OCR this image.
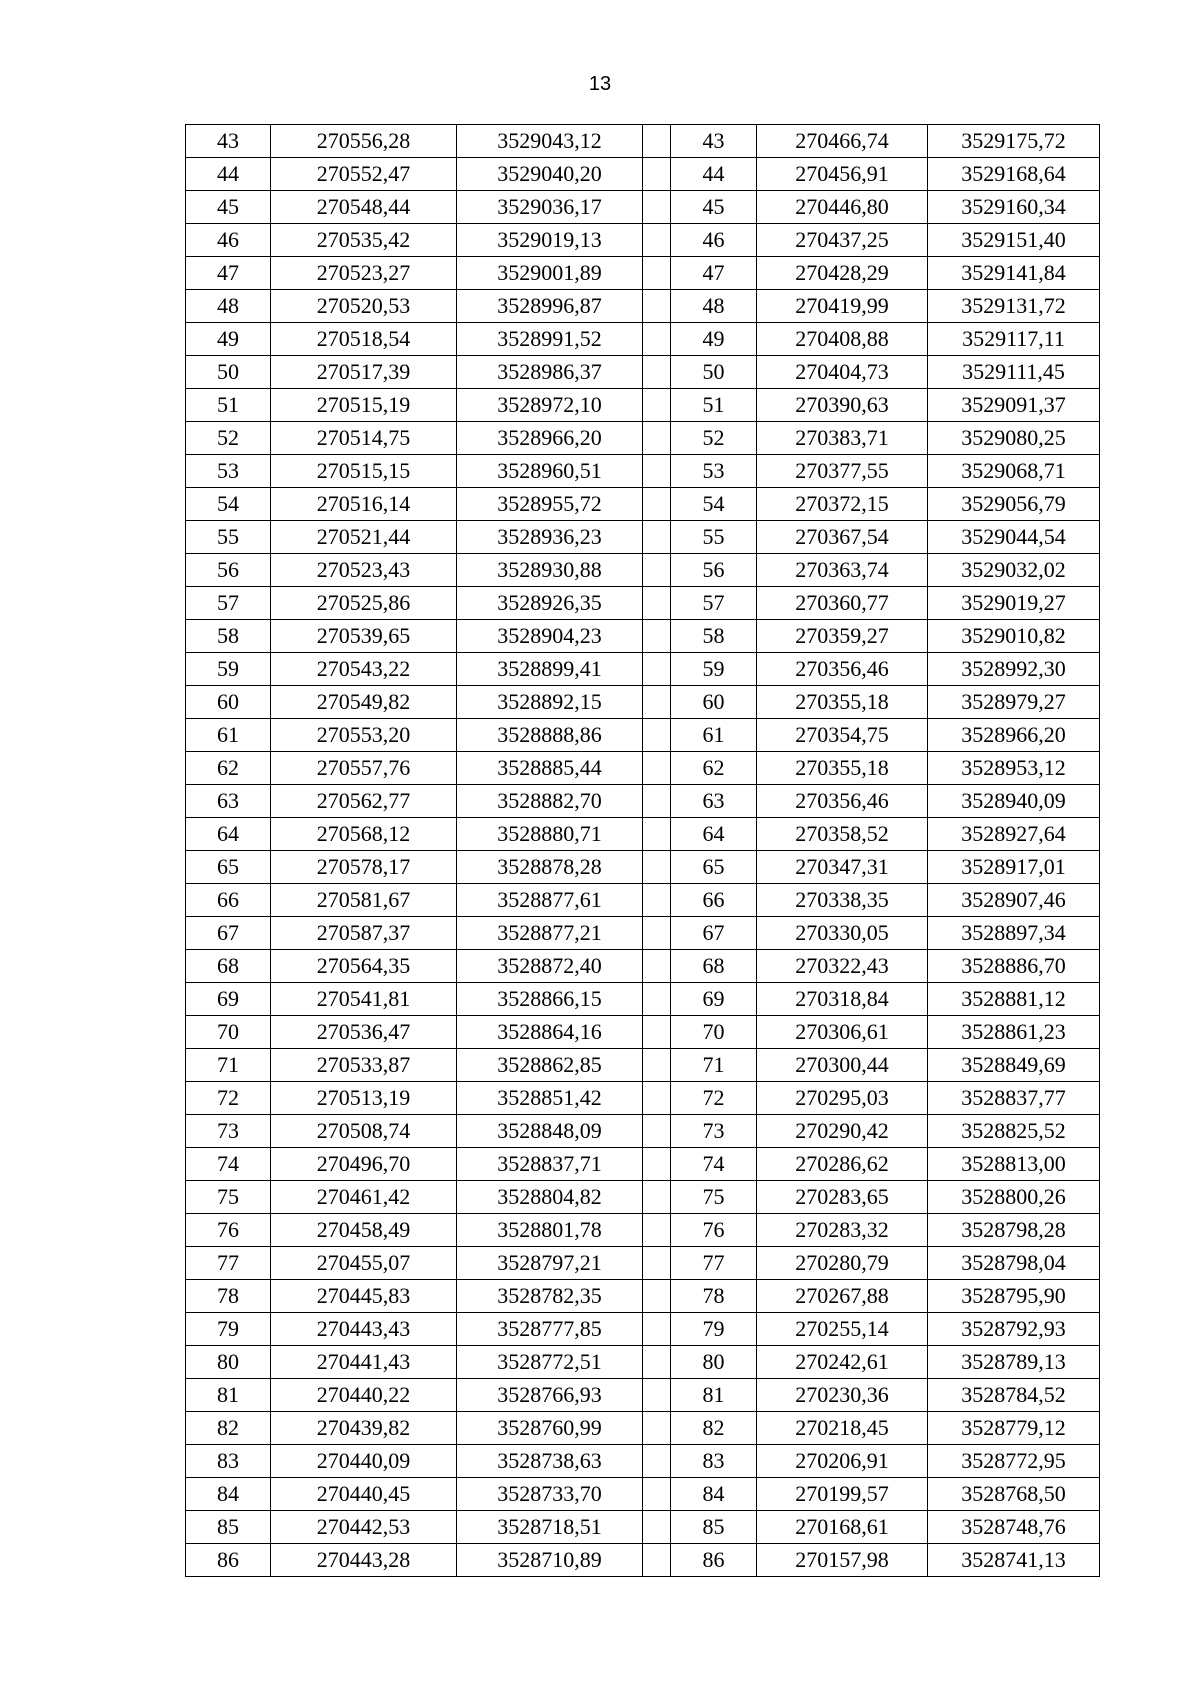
13
43	270556,28	3529043,12		43	270466,74	3529175,72
44	270552,47	3529040,20		44	270456,91	3529168,64
45	270548,44	3529036,17		45	270446,80	3529160,34
46	270535,42	3529019,13		46	270437,25	3529151,40
47	270523,27	3529001,89		47	270428,29	3529141,84
48	270520,53	3528996,87		48	270419,99	3529131,72
49	270518,54	3528991,52		49	270408,88	3529117,11
50	270517,39	3528986,37		50	270404,73	3529111,45
51	270515,19	3528972,10		51	270390,63	3529091,37
52	270514,75	3528966,20		52	270383,71	3529080,25
53	270515,15	3528960,51		53	270377,55	3529068,71
54	270516,14	3528955,72		54	270372,15	3529056,79
55	270521,44	3528936,23		55	270367,54	3529044,54
56	270523,43	3528930,88		56	270363,74	3529032,02
57	270525,86	3528926,35		57	270360,77	3529019,27
58	270539,65	3528904,23		58	270359,27	3529010,82
59	270543,22	3528899,41		59	270356,46	3528992,30
60	270549,82	3528892,15		60	270355,18	3528979,27
61	270553,20	3528888,86		61	270354,75	3528966,20
62	270557,76	3528885,44		62	270355,18	3528953,12
63	270562,77	3528882,70		63	270356,46	3528940,09
64	270568,12	3528880,71		64	270358,52	3528927,64
65	270578,17	3528878,28		65	270347,31	3528917,01
66	270581,67	3528877,61		66	270338,35	3528907,46
67	270587,37	3528877,21		67	270330,05	3528897,34
68	270564,35	3528872,40		68	270322,43	3528886,70
69	270541,81	3528866,15		69	270318,84	3528881,12
70	270536,47	3528864,16		70	270306,61	3528861,23
71	270533,87	3528862,85		71	270300,44	3528849,69
72	270513,19	3528851,42		72	270295,03	3528837,77
73	270508,74	3528848,09		73	270290,42	3528825,52
74	270496,70	3528837,71		74	270286,62	3528813,00
75	270461,42	3528804,82		75	270283,65	3528800,26
76	270458,49	3528801,78		76	270283,32	3528798,28
77	270455,07	3528797,21		77	270280,79	3528798,04
78	270445,83	3528782,35		78	270267,88	3528795,90
79	270443,43	3528777,85		79	270255,14	3528792,93
80	270441,43	3528772,51		80	270242,61	3528789,13
81	270440,22	3528766,93		81	270230,36	3528784,52
82	270439,82	3528760,99		82	270218,45	3528779,12
83	270440,09	3528738,63		83	270206,91	3528772,95
84	270440,45	3528733,70		84	270199,57	3528768,50
85	270442,53	3528718,51		85	270168,61	3528748,76
86	270443,28	3528710,89		86	270157,98	3528741,13
